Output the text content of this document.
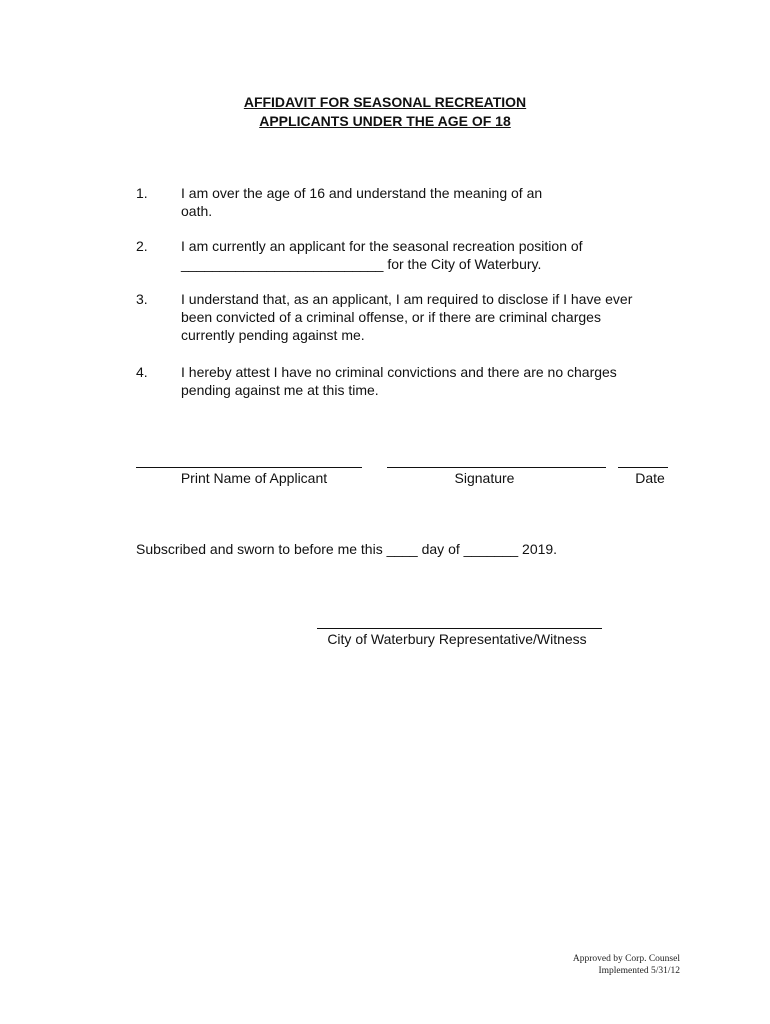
AFFIDAVIT FOR SEASONAL RECREATION
APPLICANTS UNDER THE AGE OF 18
1. I am over the age of 16 and understand the meaning of an
oath.
2. I am currently an applicant for the seasonal recreation position of
__________________________ for the City of Waterbury.
3. I understand that, as an applicant, I am required to disclose if I have ever
been convicted of a criminal offense, or if there are criminal charges
currently pending against me.
4. I hereby attest I have no criminal convictions and there are no charges
pending against me at this time.
Print Name of Applicant	Signature	Date
Subscribed and sworn to before me this ____ day of _______ 2019.
City of Waterbury Representative/Witness
Approved by Corp. Counsel
Implemented 5/31/12
